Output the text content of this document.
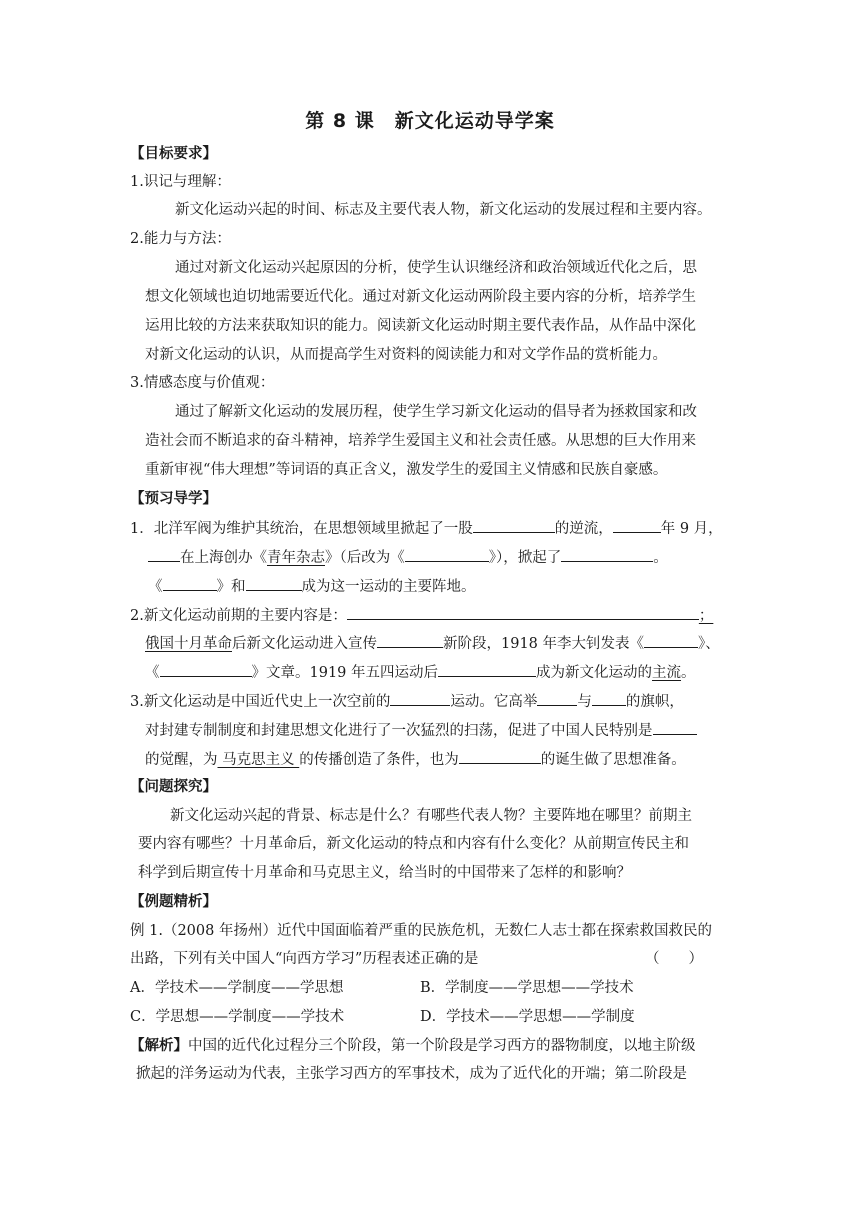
第 8 课　新文化运动导学案
【目标要求】
1.识记与理解：
新文化运动兴起的时间、标志及主要代表人物，新文化运动的发展过程和主要内容。
2.能力与方法：
通过对新文化运动兴起原因的分析，使学生认识继经济和政治领域近代化之后，思
想文化领域也迫切地需要近代化。通过对新文化运动两阶段主要内容的分析，培养学生
运用比较的方法来获取知识的能力。阅读新文化运动时期主要代表作品，从作品中深化
对新文化运动的认识，从而提高学生对资料的阅读能力和对文学作品的赏析能力。
3.情感态度与价值观：
通过了解新文化运动的发展历程，使学生学习新文化运动的倡导者为拯救国家和改
造社会而不断追求的奋斗精神，培养学生爱国主义和社会责任感。从思想的巨大作用来
重新审视“伟大理想”等词语的真正含义，激发学生的爱国主义情感和民族自豪感。
【预习导学】
1．北洋军阀为维护其统治，在思想领域里掀起了一股	的逆流，	年 9 月，
在上海创办《青年杂志》（后改为《	》），掀起了	。
《	》和	成为这一运动的主要阵地。
2.新文化运动前期的主要内容是：	；
俄国十月革命后新文化运动进入宣传	新阶段，1918 年李大钊发表《	》、
《	》文章。1919 年五四运动后	成为新文化运动的主流。
3.新文化运动是中国近代史上一次空前的	运动。它高举	与 的旗帜，
对封建专制制度和封建思想文化进行了一次猛烈的扫荡，促进了中国人民特别是
的觉醒，为 马克思主义 的传播创造了条件，也为	的诞生做了思想准备。
【问题探究】
新文化运动兴起的背景、标志是什么？有哪些代表人物？主要阵地在哪里？前期主
要内容有哪些？十月革命后，新文化运动的特点和内容有什么变化？从前期宣传民主和
科学到后期宣传十月革命和马克思主义，给当时的中国带来了怎样的和影响？
【例题精析】
例 1.（2008 年扬州）近代中国面临着严重的民族危机，无数仁人志士都在探索救国救民的
出路，下列有关中国人“向西方学习”历程表述正确的是	（　　）
A．学技术——学制度——学思想	B．学制度——学思想——学技术
C．学思想——学制度——学技术	D．学技术——学思想——学制度
【解析】中国的近代化过程分三个阶段，第一个阶段是学习西方的器物制度，以地主阶级
掀起的洋务运动为代表，主张学习西方的军事技术，成为了近代化的开端；第二阶段是
